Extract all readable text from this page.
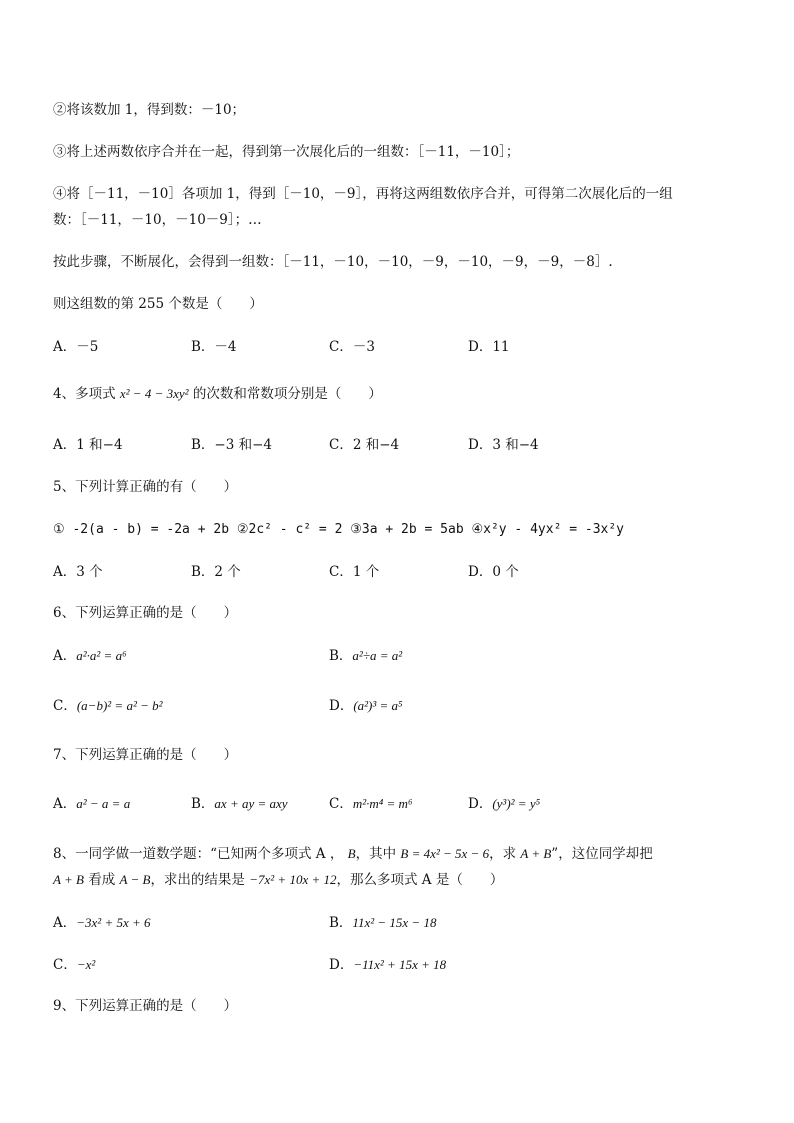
②将该数加 1，得到数：－10；
③将上述两数依序合并在一起，得到第一次展化后的一组数：［－11，－10］；
④将［－11，－10］各项加 1，得到［－10，－9］，再将这两组数依序合并，可得第二次展化后的一组
数：［－11，－10，－10－9］；…
按此步骤，不断展化，会得到一组数：［－11，－10，－10，－9，－10，－9，－9，－8］.
则这组数的第 255 个数是（　　）
A．－5	B．－4	C．－3	D．11
4、多项式 x² − 4 − 3xy² 的次数和常数项分别是（　　）
A．1 和−4	B．−3 和−4	C．2 和−4	D．3 和−4
5、下列计算正确的有（　　）
① -2(a - b) = -2a + 2b ②2c² - c² = 2 ③3a + 2b = 5ab ④x²y - 4yx² = -3x²y
A．3 个	B．2 个	C．1 个	D．0 个
6、下列运算正确的是（　　）
A．a²·a² = a⁶	B．a²÷a = a²
C．(a−b)² = a² − b²	D．(a²)³ = a⁵
7、下列运算正确的是（　　）
A．a² − a = a	B．ax + ay = axy	C．m²·m⁴ = m⁶	D．(y³)² = y⁵
8、一同学做一道数学题：“已知两个多项式 A ， B，其中 B = 4x² − 5x − 6，求 A + B”，这位同学却把
A + B 看成 A − B，求出的结果是 −7x² + 10x + 12，那么多项式 A 是（　　）
A．−3x² + 5x + 6	B．11x² − 15x − 18
C．−x²	D．−11x² + 15x + 18
9、下列运算正确的是（　　）
